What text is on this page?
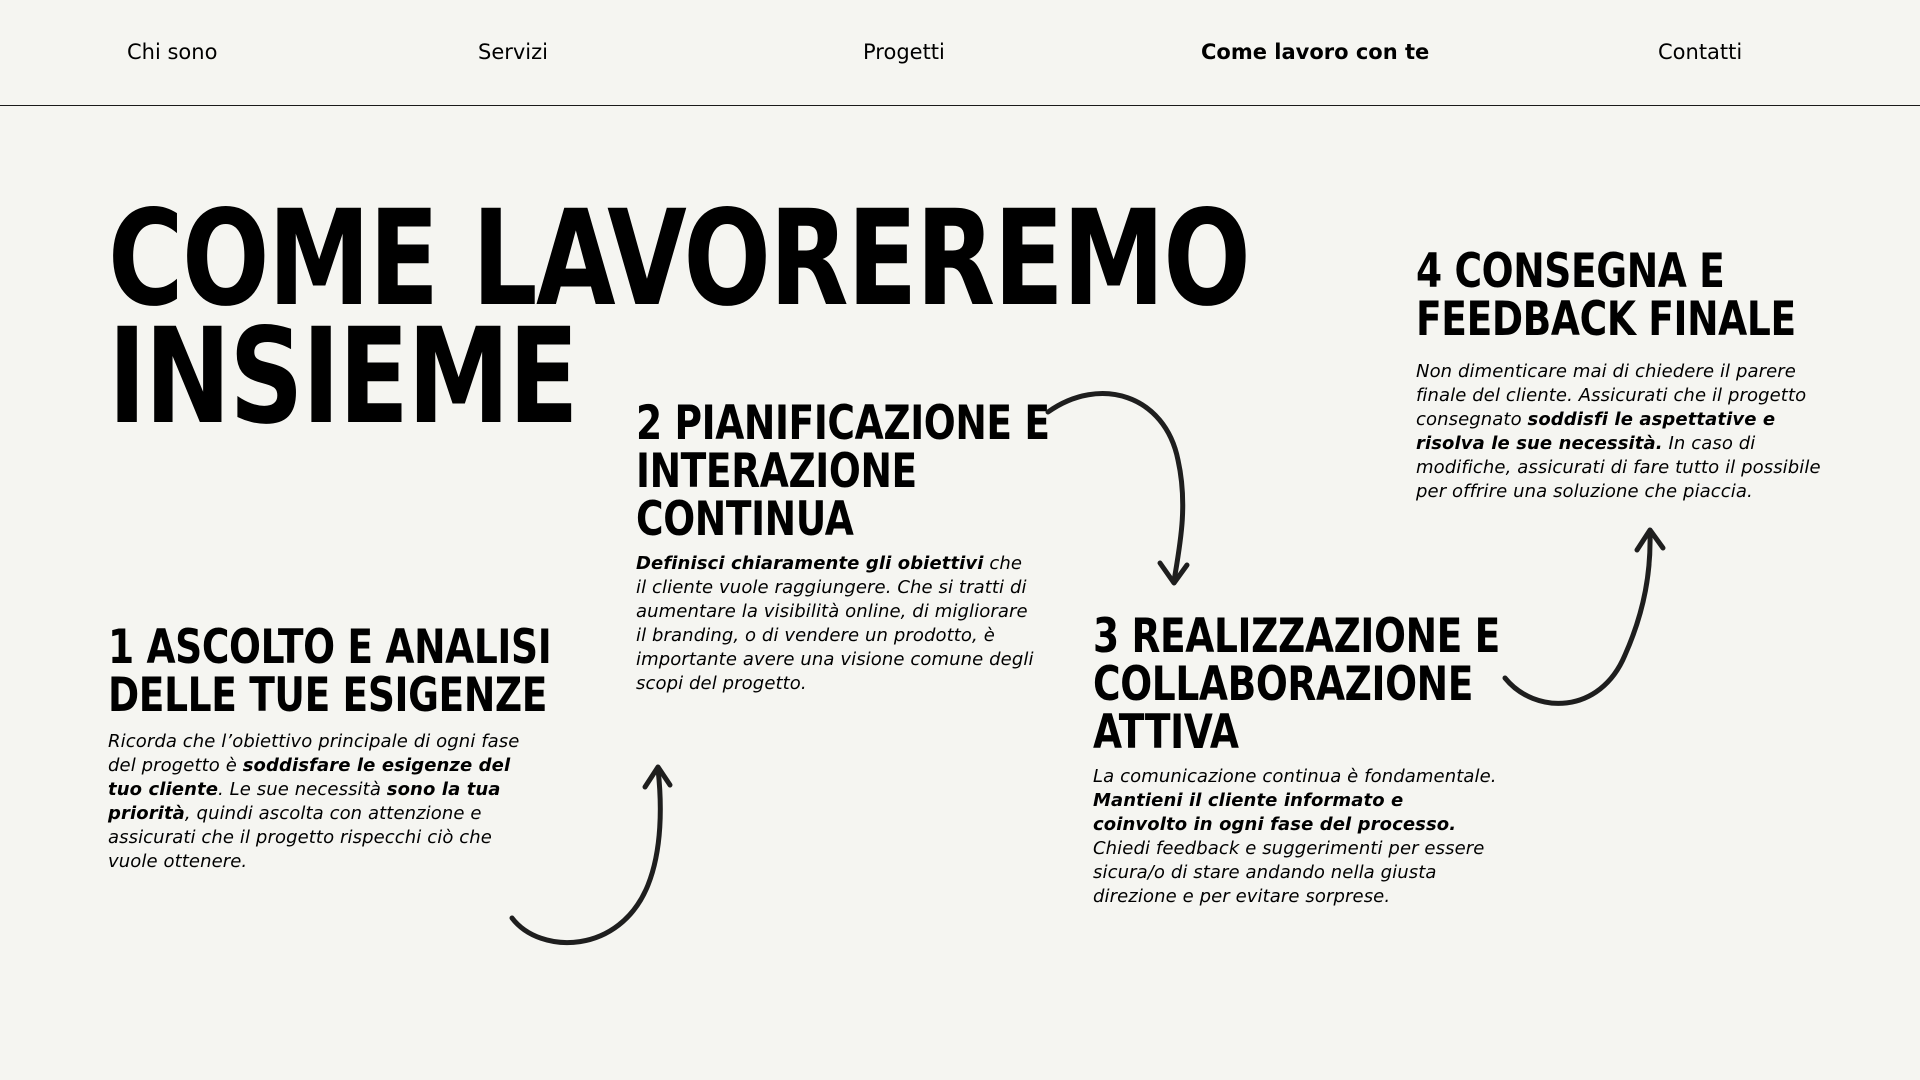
Chi sono	Servizi	Progetti	Come lavoro con te	Contatti
COME LAVOREREMO
INSIEME
1 ASCOLTO E ANALISI
DELLE TUE ESIGENZE

Ricorda che l’obiettivo principale di ogni fase del progetto è soddisfare le esigenze del tuo cliente. Le sue necessità sono la tua priorità, quindi ascolta con attenzione e assicurati che il progetto rispecchi ciò che vuole ottenere.

2 PIANIFICAZIONE E
INTERAZIONE
CONTINUA

Definisci chiaramente gli obiettivi che il cliente vuole raggiungere. Che si tratti di aumentare la visibilità online, di migliorare il branding, o di vendere un prodotto, è importante avere una visione comune degli scopi del progetto.

3 REALIZZAZIONE E
COLLABORAZIONE
ATTIVA

La comunicazione continua è fondamentale. Mantieni il cliente informato e coinvolto in ogni fase del processo. Chiedi feedback e suggerimenti per essere sicura/o di stare andando nella giusta direzione e per evitare sorprese.

4 CONSEGNA E
FEEDBACK FINALE

Non dimenticare mai di chiedere il parere finale del cliente. Assicurati che il progetto consegnato soddisfi le aspettative e risolva le sue necessità. In caso di modifiche, assicurati di fare tutto il possibile per offrire una soluzione che piaccia.
